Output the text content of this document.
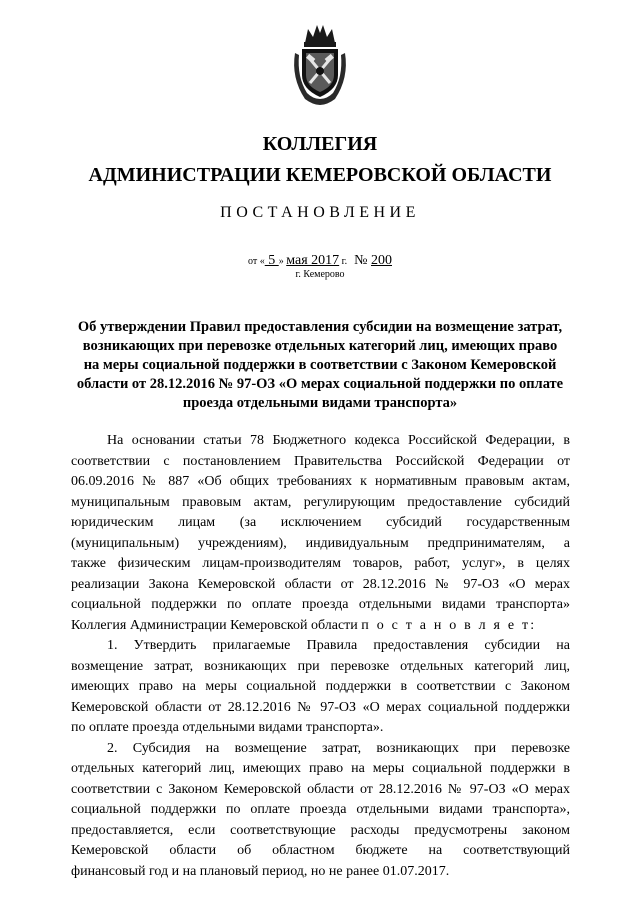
КОЛЛЕГИЯ
АДМИНИСТРАЦИИ КЕМЕРОВСКОЙ ОБЛАСТИ
ПОСТАНОВЛЕНИЕ
от « 5 » мая 2017 г. № 200
г. Кемерово
Об утверждении Правил предоставления субсидии на возмещение затрат,
возникающих при перевозке отдельных категорий лиц, имеющих право
на меры социальной поддержки в соответствии с Законом Кемеровской
области от 28.12.2016 № 97-ОЗ «О мерах социальной поддержки по оплате
проезда отдельными видами транспорта»
На основании статьи 78 Бюджетного кодекса Российской Федерации, в
соответствии с постановлением Правительства Российской Федерации от
06.09.2016 № 887 «Об общих требованиях к нормативным правовым актам,
муниципальным правовым актам, регулирующим предоставление субсидий
юридическим лицам (за исключением субсидий государственным
(муниципальным) учреждениям), индивидуальным предпринимателям, а
также физическим лицам-производителям товаров, работ, услуг», в целях
реализации Закона Кемеровской области от 28.12.2016 № 97-ОЗ «О мерах
социальной поддержки по оплате проезда отдельными видами транспорта»
Коллегия Администрации Кемеровской области п о с т а н о в л я е т:
1. Утвердить прилагаемые Правила предоставления субсидии на
возмещение затрат, возникающих при перевозке отдельных категорий лиц,
имеющих право на меры социальной поддержки в соответствии с Законом
Кемеровской области от 28.12.2016 № 97-ОЗ «О мерах социальной поддержки
по оплате проезда отдельными видами транспорта».
2. Субсидия на возмещение затрат, возникающих при перевозке
отдельных категорий лиц, имеющих право на меры социальной поддержки в
соответствии с Законом Кемеровской области от 28.12.2016 № 97-ОЗ «О мерах
социальной поддержки по оплате проезда отдельными видами транспорта»,
предоставляется, если соответствующие расходы предусмотрены законом
Кемеровской области об областном бюджете на соответствующий
финансовый год и на плановый период, но не ранее 01.07.2017.
